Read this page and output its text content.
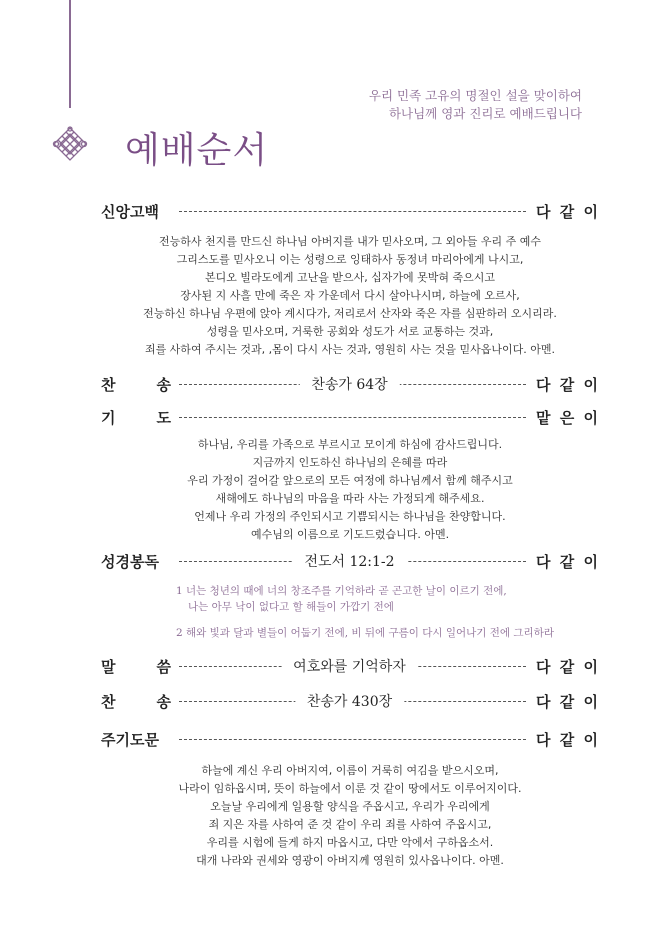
우리 민족 고유의 명절인 설을 맞이하여
하나님께 영과 진리로 예배드립니다
예배순서
신앙고백	다 같 이
전능하사 천지를 만드신 하나님 아버지를 내가 믿사오며, 그 외아들 우리 주 예수
그리스도를 믿사오니 이는 성령으로 잉태하사 동정녀 마리아에게 나시고,
본디오 빌라도에게 고난을 받으사, 십자가에 못박혀 죽으시고
장사된 지 사흘 만에 죽은 자 가운데서 다시 살아나시며, 하늘에 오르사,
전능하신 하나님 우편에 앉아 계시다가, 저리로서 산자와 죽은 자를 심판하러 오시리라.
성령을 믿사오며, 거룩한 공회와 성도가 서로 교통하는 것과,
죄를 사하여 주시는 것과, ,몸이 다시 사는 것과, 영원히 사는 것을 믿사옵나이다. 아멘.
찬 송	찬송가 64장	다 같 이
기 도	맡 은 이
하나님, 우리를 가족으로 부르시고 모이게 하심에 감사드립니다.
지금까지 인도하신 하나님의 은혜를 따라
우리 가정이 걸어갈 앞으로의 모든 여정에 하나님께서 함께 해주시고
새해에도 하나님의 마음을 따라 사는 가정되게 해주세요.
언제나 우리 가정의 주인되시고 기쁨되시는 하나님을 찬양합니다.
예수님의 이름으로 기도드렸습니다. 아멘.
성경봉독	전도서 12:1-2	다 같 이
1 너는 청년의 때에 너의 창조주를 기억하라 곧 곤고한 날이 이르기 전에,
나는 아무 낙이 없다고 할 해들이 가깝기 전에
2 해와 빛과 달과 별들이 어둡기 전에, 비 뒤에 구름이 다시 일어나기 전에 그리하라
말 씀	여호와를 기억하자	다 같 이
찬 송	찬송가 430장	다 같 이
주기도문	다 같 이
하늘에 계신 우리 아버지여, 이름이 거룩히 여김을 받으시오며,
나라이 임하옵시며, 뜻이 하늘에서 이룬 것 같이 땅에서도 이루어지이다.
오늘날 우리에게 일용할 양식을 주옵시고, 우리가 우리에게
죄 지은 자를 사하여 준 것 같이 우리 죄를 사하여 주옵시고,
우리를 시험에 들게 하지 마옵시고, 다만 악에서 구하옵소서.
대개 나라와 권세와 영광이 아버지께 영원히 있사옵나이다. 아멘.
